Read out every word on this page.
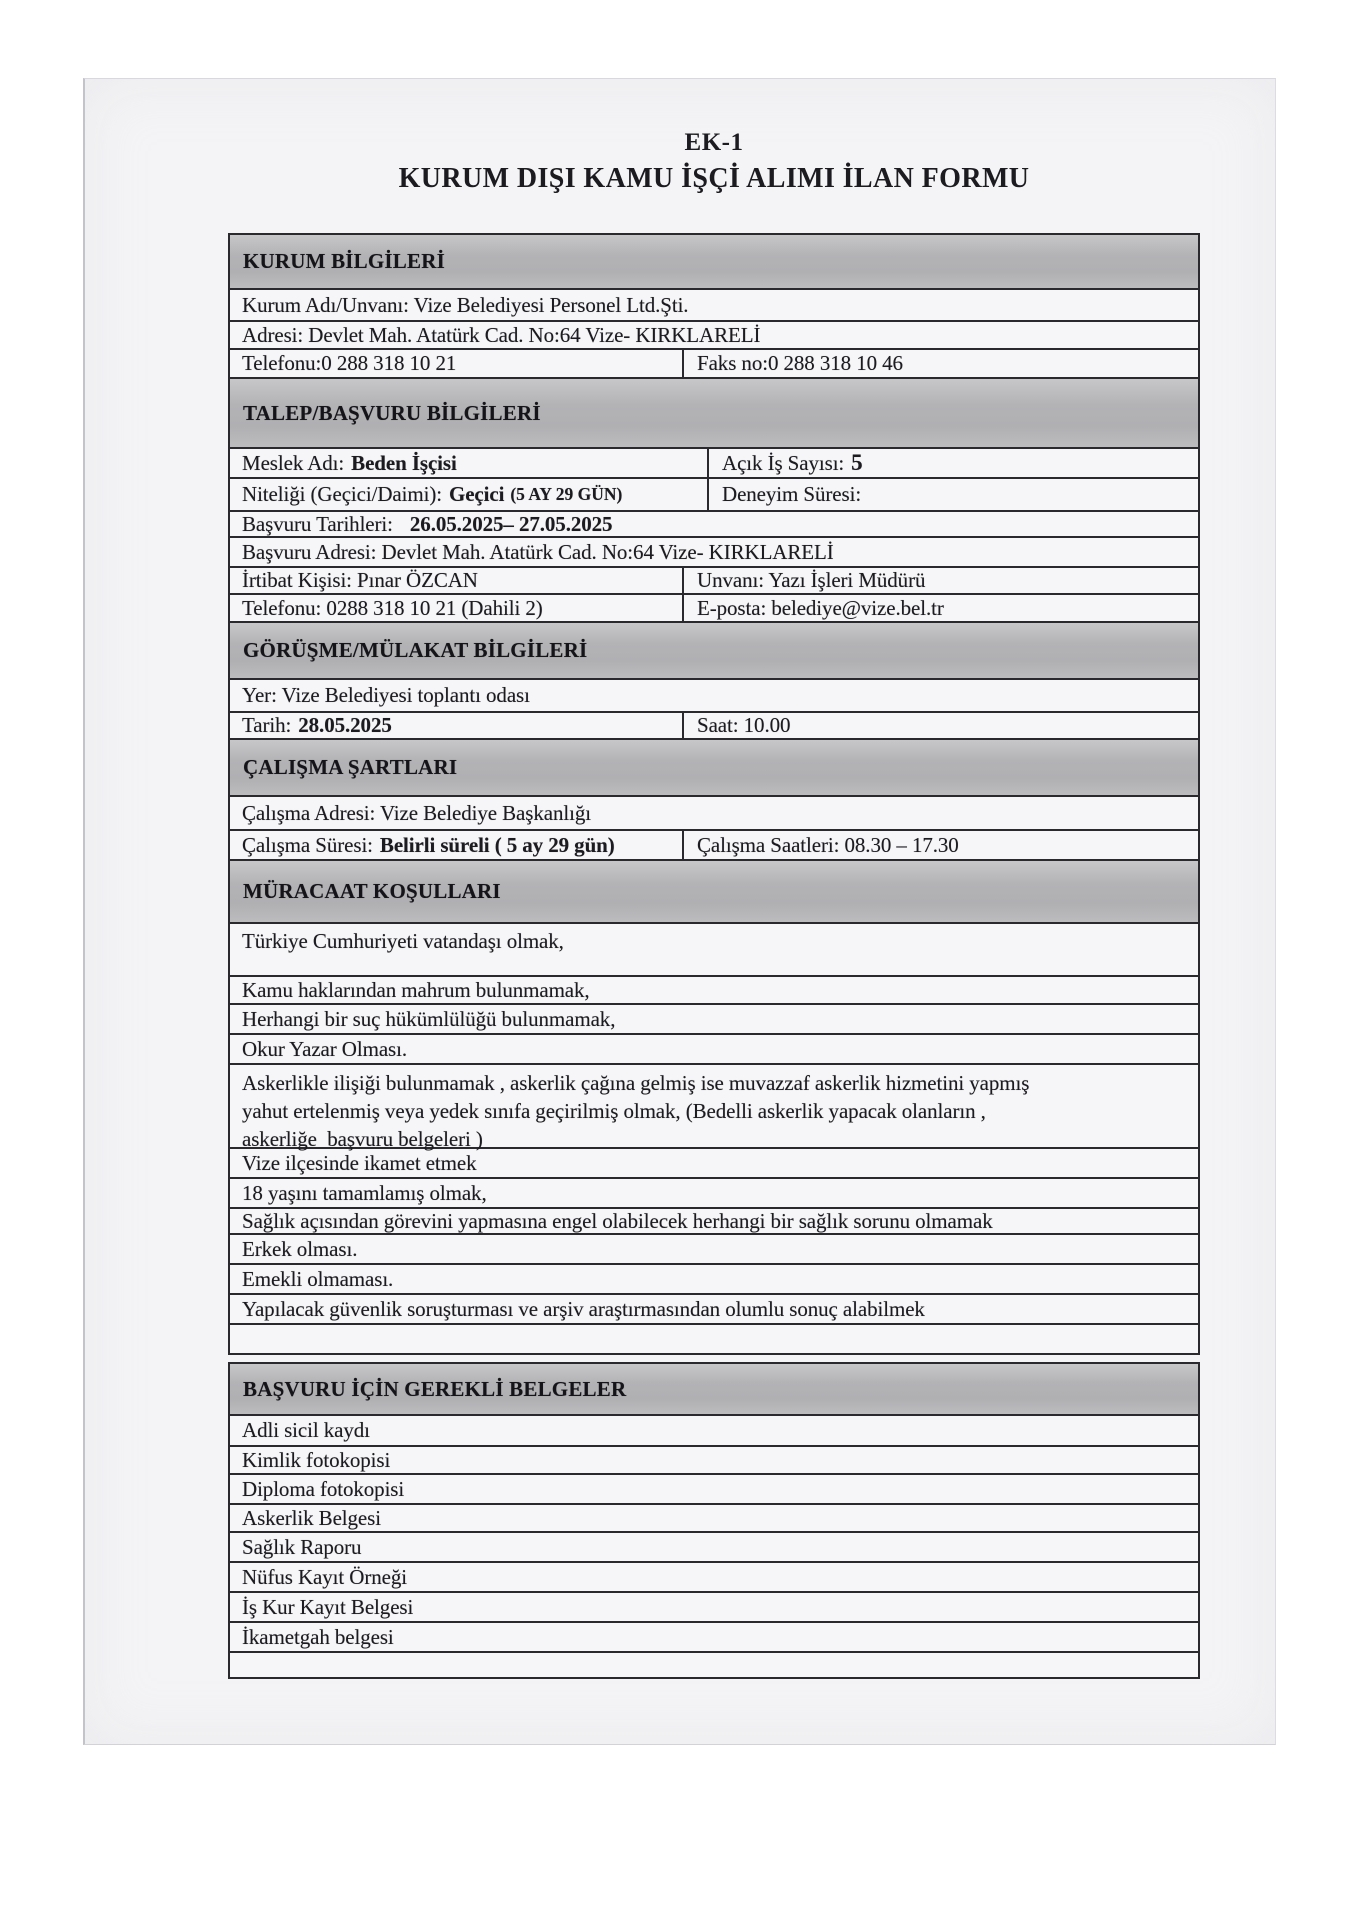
EK-1
KURUM DIŞI KAMU İŞÇİ ALIMI İLAN FORMU
KURUM BİLGİLERİ
Kurum Adı/Unvanı: Vize Belediyesi Personel Ltd.Şti.
Adresi: Devlet Mah. Atatürk Cad. No:64 Vize- KIRKLARELİ
Telefonu:0 288 318 10 21	Faks no:0 288 318 10 46
TALEP/BAŞVURU BİLGİLERİ
Meslek Adı: Beden İşçisi	Açık İş Sayısı: 5
Niteliği (Geçici/Daimi): Geçici (5 AY 29 GÜN)	Deneyim Süresi:
Başvuru Tarihleri: 26.05.2025– 27.05.2025
Başvuru Adresi: Devlet Mah. Atatürk Cad. No:64 Vize- KIRKLARELİ
İrtibat Kişisi: Pınar ÖZCAN	Unvanı: Yazı İşleri Müdürü
Telefonu: 0288 318 10 21 (Dahili 2)	E-posta: belediye@vize.bel.tr
GÖRÜŞME/MÜLAKAT BİLGİLERİ
Yer: Vize Belediyesi toplantı odası
Tarih: 28.05.2025	Saat: 10.00
ÇALIŞMA ŞARTLARI
Çalışma Adresi: Vize Belediye Başkanlığı
Çalışma Süresi: Belirli süreli ( 5 ay 29 gün)	Çalışma Saatleri: 08.30 – 17.30
MÜRACAAT KOŞULLARI
Türkiye Cumhuriyeti vatandaşı olmak,
Kamu haklarından mahrum bulunmamak,
Herhangi bir suç hükümlülüğü bulunmamak,
Okur Yazar Olması.
Askerlikle ilişiği bulunmamak , askerlik çağına gelmiş ise muvazzaf askerlik hizmetini yapmış
yahut ertelenmiş veya yedek sınıfa geçirilmiş olmak, (Bedelli askerlik yapacak olanların ,
askerliğe  başvuru belgeleri )
Vize ilçesinde ikamet etmek
18 yaşını tamamlamış olmak,
Sağlık açısından görevini yapmasına engel olabilecek herhangi bir sağlık sorunu olmamak
Erkek olması.
Emekli olmaması.
Yapılacak güvenlik soruşturması ve arşiv araştırmasından olumlu sonuç alabilmek
BAŞVURU İÇİN GEREKLİ BELGELER
Adli sicil kaydı
Kimlik fotokopisi
Diploma fotokopisi
Askerlik Belgesi
Sağlık Raporu
Nüfus Kayıt Örneği
İş Kur Kayıt Belgesi
İkametgah belgesi
